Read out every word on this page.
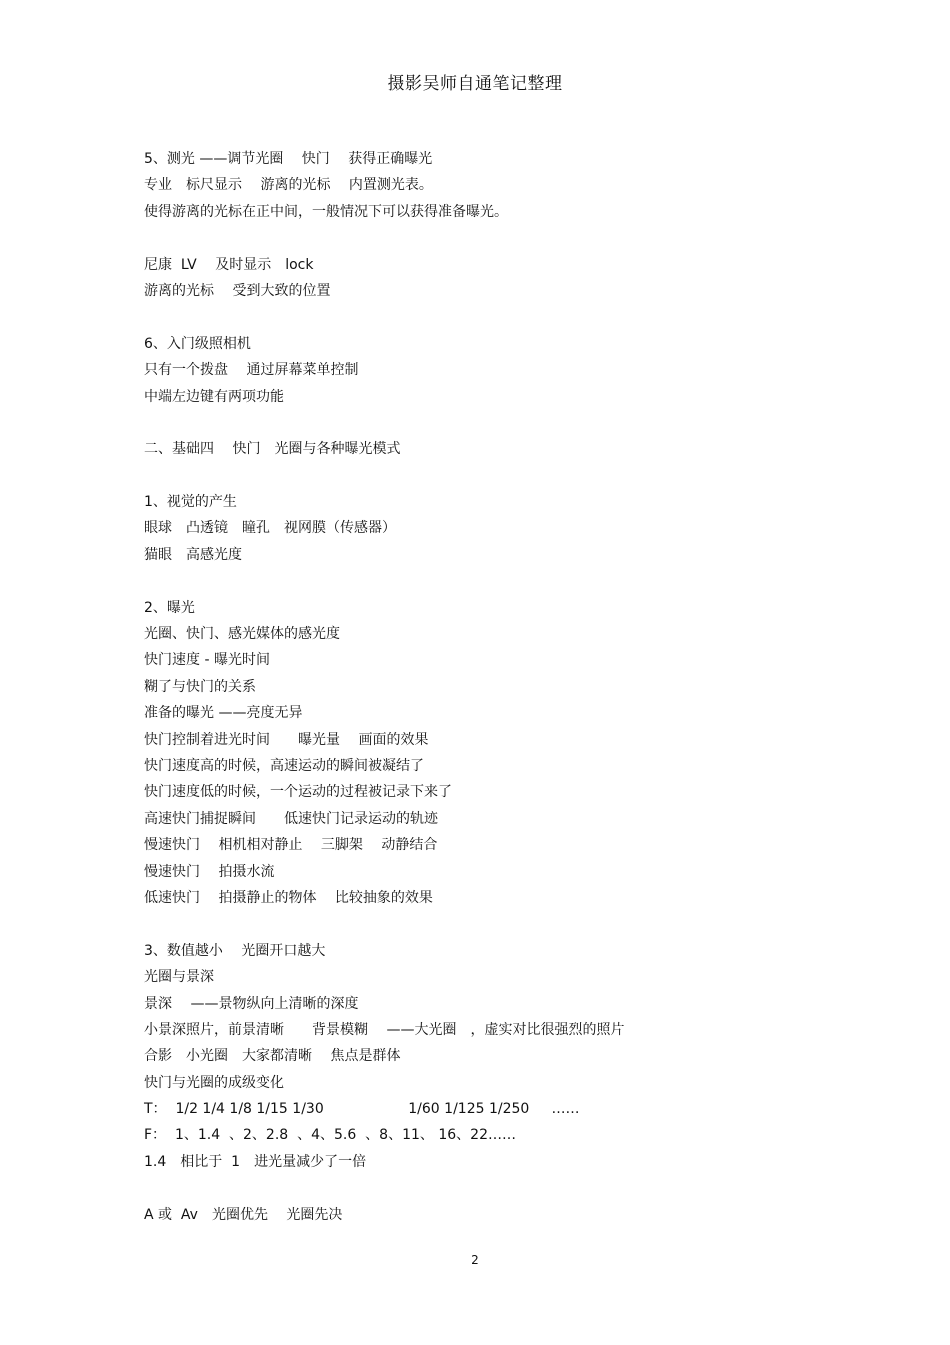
摄影吴师自通笔记整理
5、测光 ——调节光圈　 快门　 获得正确曝光
专业　标尺显示　 游离的光标　 内置测光表。
使得游离的光标在正中间，一般情况下可以获得准备曝光。
尼康  LV　 及时显示　lock
游离的光标　 受到大致的位置
6、入门级照相机
只有一个拨盘　 通过屏幕菜单控制
中端左边键有两项功能
二、基础四　 快门　光圈与各种曝光模式
1、视觉的产生
眼球　凸透镜　瞳孔　视网膜（传感器）
猫眼　高感光度
2、曝光
光圈、快门、感光媒体的感光度
快门速度 - 曝光时间
糊了与快门的关系
准备的曝光 ——亮度无异
快门控制着进光时间　　曝光量　 画面的效果
快门速度高的时候，高速运动的瞬间被凝结了
快门速度低的时候，一个运动的过程被记录下来了
高速快门捕捉瞬间　　低速快门记录运动的轨迹
慢速快门　 相机相对静止　 三脚架　 动静结合
慢速快门　 拍摄水流
低速快门　 拍摄静止的物体　 比较抽象的效果
3、数值越小　 光圈开口越大
光圈与景深
景深　 ——景物纵向上清晰的深度
小景深照片，前景清晰　　背景模糊　 ——大光圈　，虚实对比很强烈的照片
合影　小光圈　大家都清晰　 焦点是群体
快门与光圈的成级变化
T：  1/2 1/4 1/8 1/15 1/30                   1/60 1/125 1/250     ……
F：  1、1.4  、2、2.8  、4、5.6  、8、11、 16、22……
1.4　相比于  1　进光量减少了一倍
A 或  Av　光圈优先　 光圈先决
2
